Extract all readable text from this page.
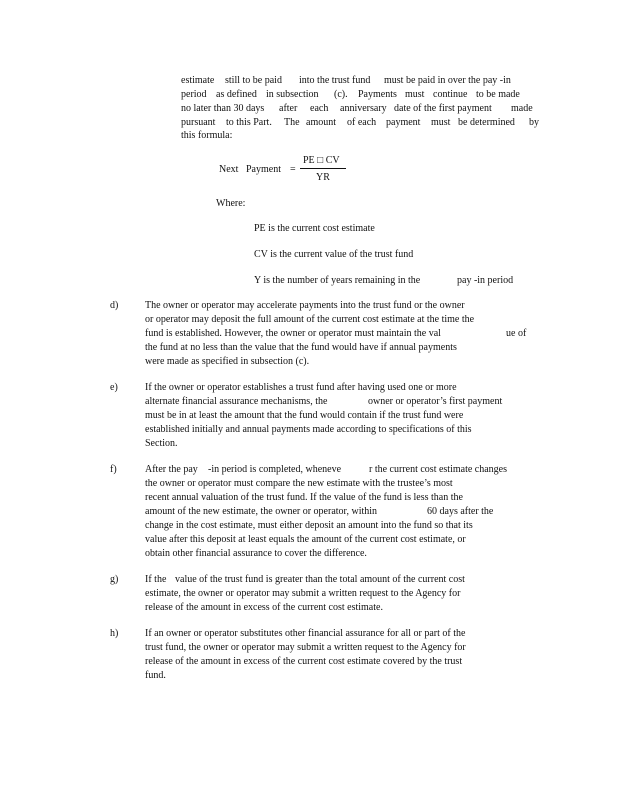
estimate still to be paid into the trust fund must be paid in over the pay -in
period as defined in subsection (c). Payments must continue to be made
no later than 30 days after each anniversary date of the first payment made
pursuant to this Part. The amount of each payment must be determined by
this formula:
Next Payment =
PE □ CV
YR
Where:
PE is the current cost estimate
CV is the current value of the trust fund
Y is the number of years remaining in the	pay -in period
d)	The owner or operator may accelerate payments into the trust fund or the owner
or operator may deposit the full amount of the current cost estimate at the time the
fund is established. However, the owner or operator must maintain the val	ue of
the fund at no less than the value that the fund would have if annual payments
were made as specified in subsection (c).
e)	If the owner or operator establishes a trust fund after having used one or more
alternate financial assurance mechanisms, the	owner or operator’s first payment
must be in at least the amount that the fund would contain if the trust fund were
established initially and annual payments made according to specifications of this
Section.
f)	After the pay -in period is completed, wheneve	r the current cost estimate changes
the owner or operator must compare the new estimate with the trustee’s most
recent annual valuation of the trust fund. If the value of the fund is less than the
amount of the new estimate, the owner or operator, within	60 days after the
change in the cost estimate, must either deposit an amount into the fund so that its
value after this deposit at least equals the amount of the current cost estimate, or
obtain other financial assurance to cover the difference.
g)	If the value of the trust fund is greater than the total amount of the current cost
estimate, the owner or operator may submit a written request to the Agency for
release of the amount in excess of the current cost estimate.
h)	If an owner or operator substitutes other financial assurance for all or part of the
trust fund, the owner or operator may submit a written request to the Agency for
release of the amount in excess of the current cost estimate covered by the trust
fund.
